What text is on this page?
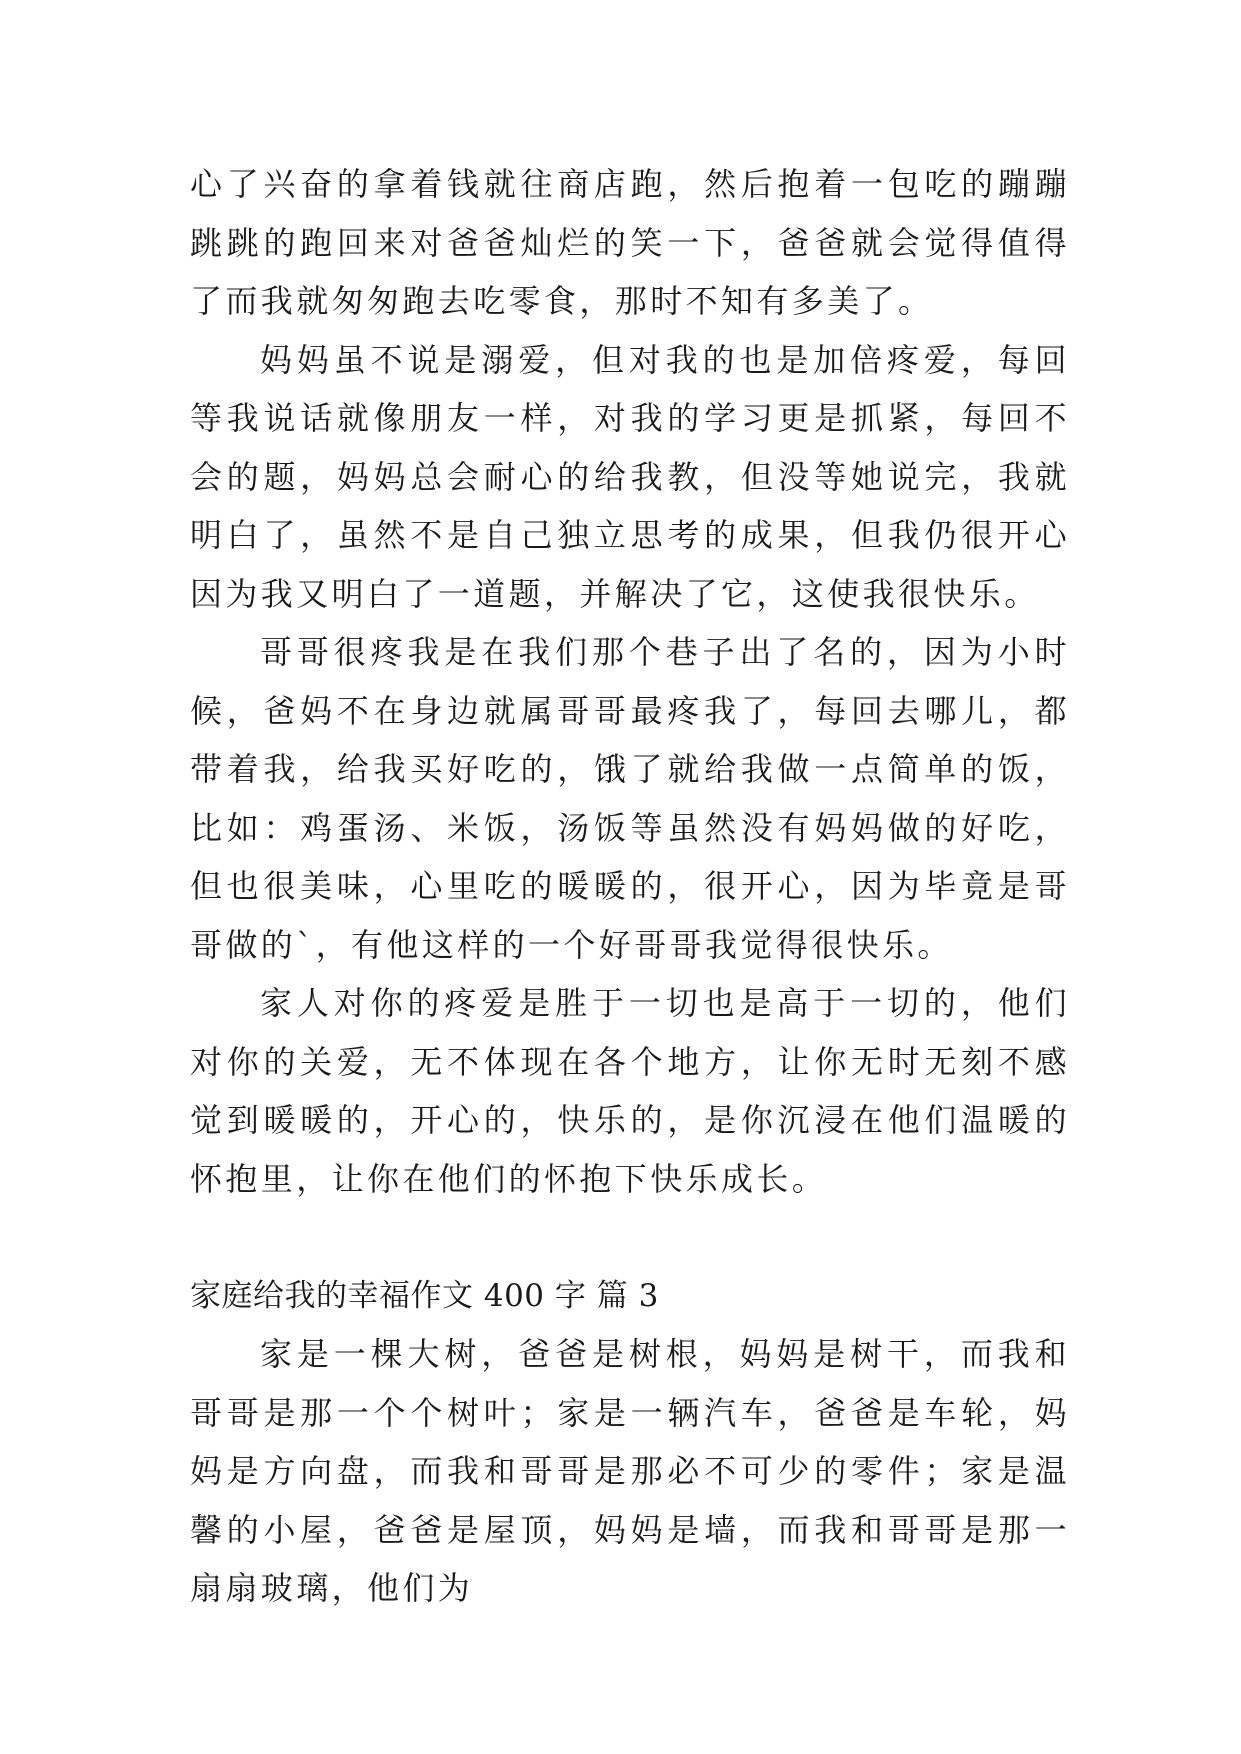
心了兴奋的拿着钱就往商店跑，然后抱着一包吃的蹦蹦跳跳的跑回来对爸爸灿烂的笑一下，爸爸就会觉得值得了而我就匆匆跑去吃零食，那时不知有多美了。

妈妈虽不说是溺爱，但对我的也是加倍疼爱，每回等我说话就像朋友一样，对我的学习更是抓紧，每回不会的题，妈妈总会耐心的给我教，但没等她说完，我就明白了，虽然不是自己独立思考的成果，但我仍很开心因为我又明白了一道题，并解决了它，这使我很快乐。

哥哥很疼我是在我们那个巷子出了名的，因为小时候，爸妈不在身边就属哥哥最疼我了，每回去哪儿，都带着我，给我买好吃的，饿了就给我做一点简单的饭，比如：鸡蛋汤、米饭，汤饭等虽然没有妈妈做的好吃，但也很美味，心里吃的暖暖的，很开心，因为毕竟是哥哥做的`，有他这样的一个好哥哥我觉得很快乐。

家人对你的疼爱是胜于一切也是高于一切的，他们对你的关爱，无不体现在各个地方，让你无时无刻不感觉到暖暖的，开心的，快乐的，是你沉浸在他们温暖的怀抱里，让你在他们的怀抱下快乐成长。

家庭给我的幸福作文 400 字 篇 3

家是一棵大树，爸爸是树根，妈妈是树干，而我和哥哥是那一个个树叶；家是一辆汽车，爸爸是车轮，妈妈是方向盘，而我和哥哥是那必不可少的零件；家是温馨的小屋，爸爸是屋顶，妈妈是墙，而我和哥哥是那一扇扇玻璃，他们为
